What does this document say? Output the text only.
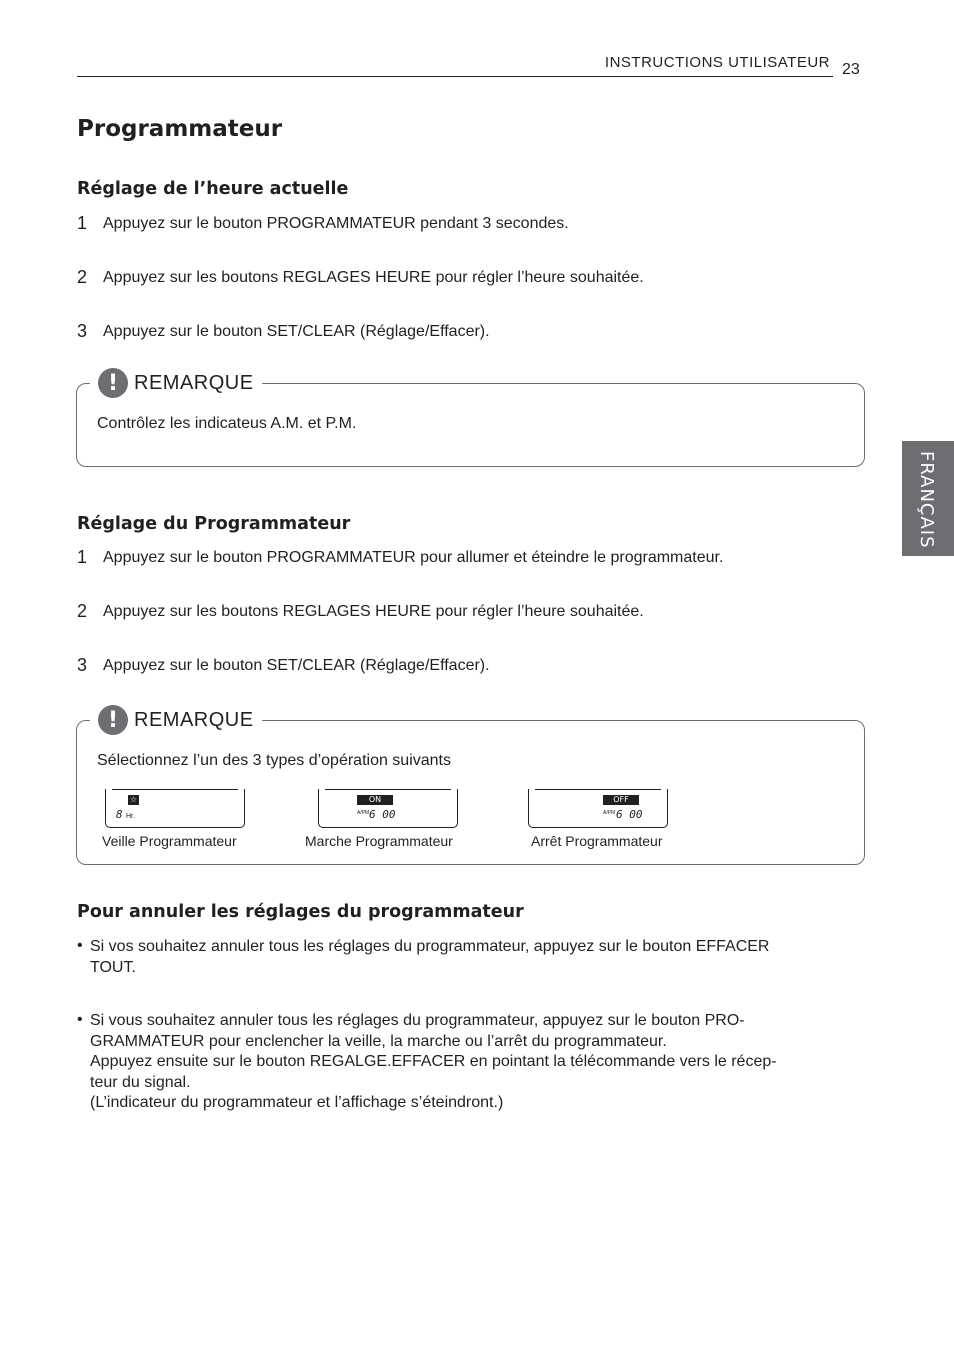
INSTRUCTIONS UTILISATEUR 23
FRANÇAIS
Programmateur
Réglage de l’heure actuelle
1 Appuyez sur le bouton PROGRAMMATEUR pendant 3 secondes.
2 Appuyez sur les boutons REGLAGES HEURE pour régler l’heure souhaitée.
3 Appuyez sur le bouton SET/CLEAR (Réglage/Effacer).
! REMARQUE
Contrôlez les indicateus A.M. et P.M.
Réglage du Programmateur
1 Appuyez sur le bouton PROGRAMMATEUR pour allumer et éteindre le programmateur.
2 Appuyez sur les boutons REGLAGES HEURE pour régler l’heure souhaitée.
3 Appuyez sur le bouton SET/CLEAR (Réglage/Effacer).
! REMARQUE
Sélectionnez l’un des 3 types d’opération suivants
☆
8 Hr.
Veille Programmateur
ON
A/PM 6 00
Marche Programmateur
OFF
A/PM 6 00
Arrêt Programmateur
Pour annuler les réglages du programmateur
• Si vos souhaitez annuler tous les réglages du programmateur, appuyez sur le bouton EFFACER
TOUT.
• Si vous souhaitez annuler tous les réglages du programmateur, appuyez sur le bouton PRO-
GRAMMATEUR pour enclencher la veille, la marche ou l’arrêt du programmateur.
Appuyez ensuite sur le bouton REGALGE.EFFACER en pointant la télécommande vers le récep-
teur du signal.
(L’indicateur du programmateur et l’affichage s’éteindront.)
